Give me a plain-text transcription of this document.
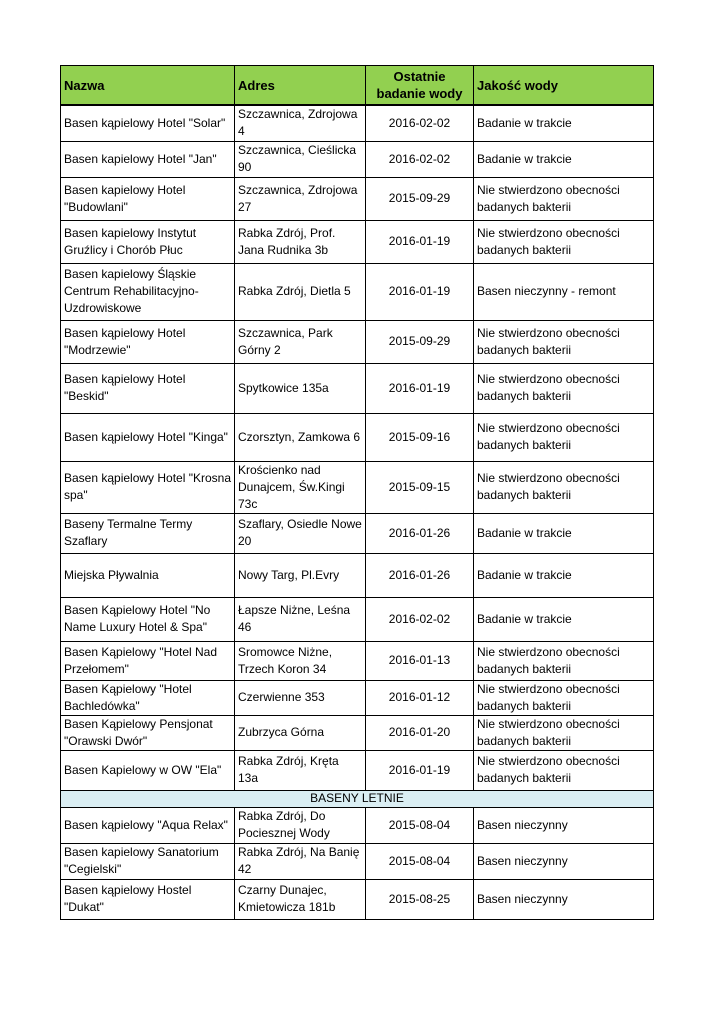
Nazwa	Adres	Ostatnie badanie wody	Jakość wody
Basen kąpielowy Hotel "Solar"	Szczawnica, Zdrojowa 4	2016-02-02	Badanie w trakcie
Basen kapielowy Hotel "Jan"	Szczawnica, Cieślicka 90	2016-02-02	Badanie w trakcie
Basen kapielowy Hotel "Budowlani"	Szczawnica, Zdrojowa 27	2015-09-29	Nie stwierdzono obecności badanych bakterii
Basen kapielowy Instytut Gruźlicy i Chorób Płuc	Rabka Zdrój, Prof. Jana Rudnika 3b	2016-01-19	Nie stwierdzono obecności badanych bakterii
Basen kapielowy Śląskie Centrum Rehabilitacyjno-Uzdrowiskowe	Rabka Zdrój, Dietla 5	2016-01-19	Basen nieczynny - remont
Basen kąpielowy Hotel "Modrzewie"	Szczawnica, Park Górny 2	2015-09-29	Nie stwierdzono obecności badanych bakterii
Basen kąpielowy Hotel "Beskid"	Spytkowice 135a	2016-01-19	Nie stwierdzono obecności badanych bakterii
Basen kąpielowy Hotel "Kinga"	Czorsztyn, Zamkowa 6	2015-09-16	Nie stwierdzono obecności badanych bakterii
Basen kąpielowy Hotel "Krosna spa"	Krościenko nad Dunajcem, Św.Kingi 73c	2015-09-15	Nie stwierdzono obecności badanych bakterii
Baseny Termalne Termy Szaflary	Szaflary, Osiedle Nowe 20	2016-01-26	Badanie w trakcie
Miejska Pływalnia	Nowy Targ, Pl.Evry	2016-01-26	Badanie w trakcie
Basen Kąpielowy Hotel "No Name Luxury Hotel & Spa"	Łapsze Niżne, Leśna 46	2016-02-02	Badanie w trakcie
Basen Kąpielowy "Hotel Nad Przełomem"	Sromowce Niżne, Trzech Koron 34	2016-01-13	Nie stwierdzono obecności badanych bakterii
Basen Kąpielowy "Hotel Bachledówka"	Czerwienne 353	2016-01-12	Nie stwierdzono obecności badanych bakterii
Basen Kąpielowy Pensjonat "Orawski Dwór"	Zubrzyca Górna	2016-01-20	Nie stwierdzono obecności badanych bakterii
Basen Kapielowy w OW "Ela"	Rabka Zdrój, Kręta 13a	2016-01-19	Nie stwierdzono obecności badanych bakterii
BASENY LETNIE			
Basen kąpielowy "Aqua Relax"	Rabka Zdrój, Do Pociesznej Wody	2015-08-04	Basen nieczynny
Basen kapielowy Sanatorium "Cegielski"	Rabka Zdrój, Na Banię 42	2015-08-04	Basen nieczynny
Basen kąpielowy Hostel "Dukat"	Czarny Dunajec, Kmietowicza 181b	2015-08-25	Basen nieczynny
